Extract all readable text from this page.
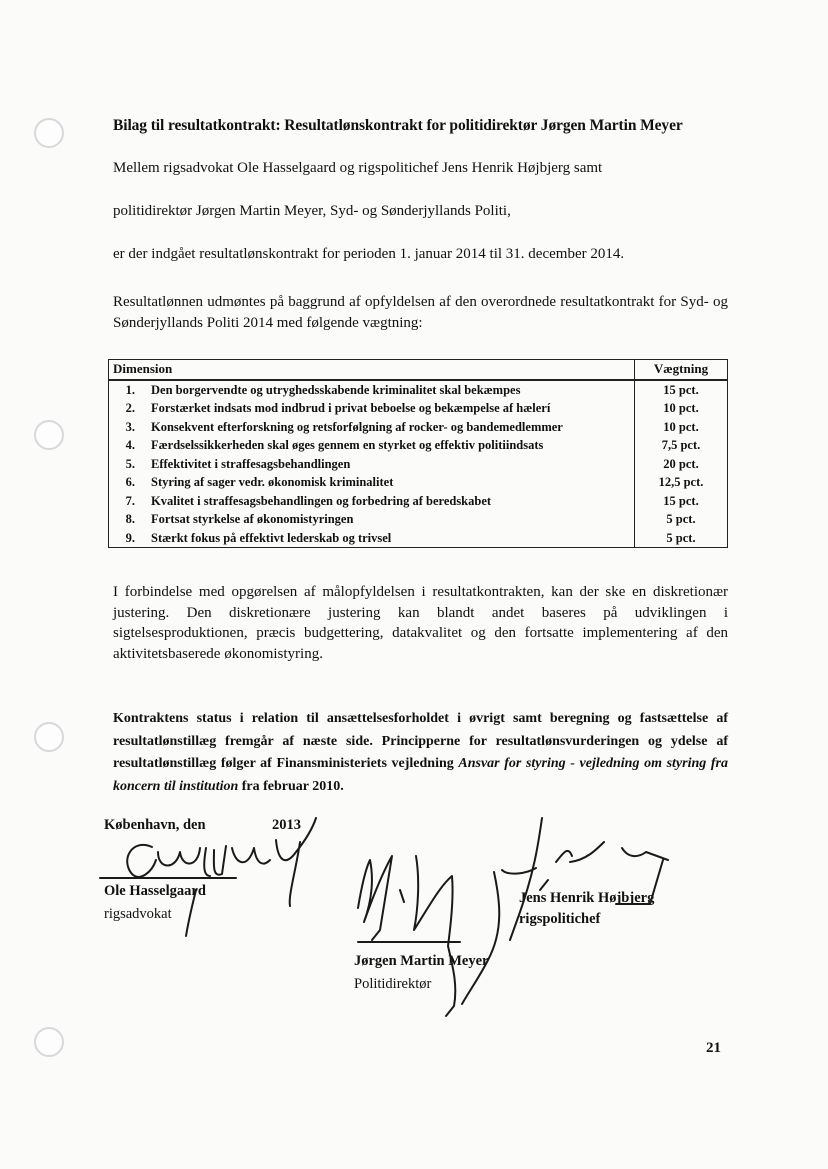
Bilag til resultatkontrakt: Resultatlønskontrakt for politidirektør Jørgen Martin Meyer
Mellem rigsadvokat Ole Hasselgaard og rigspolitichef Jens Henrik Højbjerg samt
politidirektør Jørgen Martin Meyer, Syd- og Sønderjyllands Politi,
er der indgået resultatlønskontrakt for perioden 1. januar 2014 til 31. december 2014.
Resultatlønnen udmøntes på baggrund af opfyldelsen af den overordnede resultatkontrakt for Syd- og Sønderjyllands Politi 2014 med følgende vægtning:
Dimension		Vægtning
1.	Den borgervendte og utryghedsskabende kriminalitet skal bekæmpes	15 pct.
2.	Forstærket indsats mod indbrud i privat beboelse og bekæmpelse af hælerí	10 pct.
3.	Konsekvent efterforskning og retsforfølgning af rocker- og bandemedlemmer	10 pct.
4.	Færdselssikkerheden skal øges gennem en styrket og effektiv politiindsats	7,5 pct.
5.	Effektivitet i straffesagsbehandlingen	20 pct.
6.	Styring af sager vedr. økonomisk kriminalitet	12,5 pct.
7.	Kvalitet i straffesagsbehandlingen og forbedring af beredskabet	15 pct.
8.	Fortsat styrkelse af økonomistyringen	5 pct.
9.	Stærkt fokus på effektivt lederskab og trivsel	5 pct.
I forbindelse med opgørelsen af målopfyldelsen i resultatkontrakten, kan der ske en diskretionær justering. Den diskretionære justering kan blandt andet baseres på udviklingen i sigtelsesproduktionen, præcis budgettering, datakvalitet og den fortsatte implementering af den aktivitetsbaserede økonomistyring.
Kontraktens status i relation til ansættelsesforholdet i øvrigt samt beregning og fastsættelse af resultatlønstillæg fremgår af næste side. Principperne for resultatlønsvurderingen og ydelse af resultatlønstillæg følger af Finansministeriets vejledning Ansvar for styring - vejledning om styring fra koncern til institution fra februar 2010.
København, den	2013
Ole Hasselgaard
rigsadvokat
Jens Henrik Højbjerg
rigspolitichef
Jørgen Martin Meyer
Politidirektør
21
